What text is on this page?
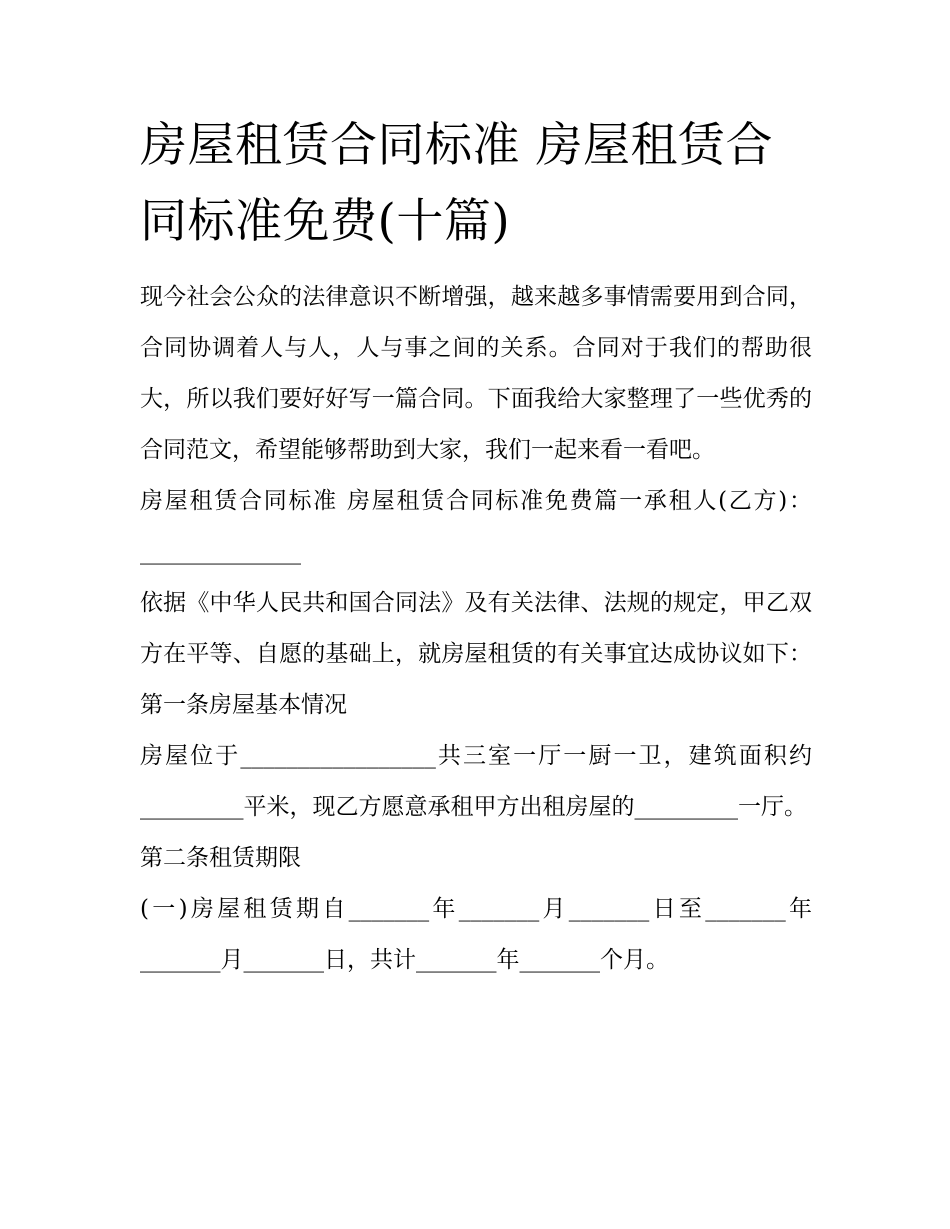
房屋租赁合同标准 房屋租赁合同标准免费(十篇)

现今社会公众的法律意识不断增强，越来越多事情需要用到合同，合同协调着人与人，人与事之间的关系。合同对于我们的帮助很大，所以我们要好好写一篇合同。下面我给大家整理了一些优秀的合同范文，希望能够帮助到大家，我们一起来看一看吧。

房屋租赁合同标准 房屋租赁合同标准免费篇一承租人(乙方)：______________

依据《中华人民共和国合同法》及有关法律、法规的规定，甲乙双方在平等、自愿的基础上，就房屋租赁的有关事宜达成协议如下： 第一条房屋基本情况

房屋位于_________________共三室一厅一厨一卫，建筑面积约_________平米，现乙方愿意承租甲方出租房屋的_________一厅。

第二条租赁期限

(一)房屋租赁期自_______年_______月_______日至_______年_______月_______日，共计_______年_______个月。
